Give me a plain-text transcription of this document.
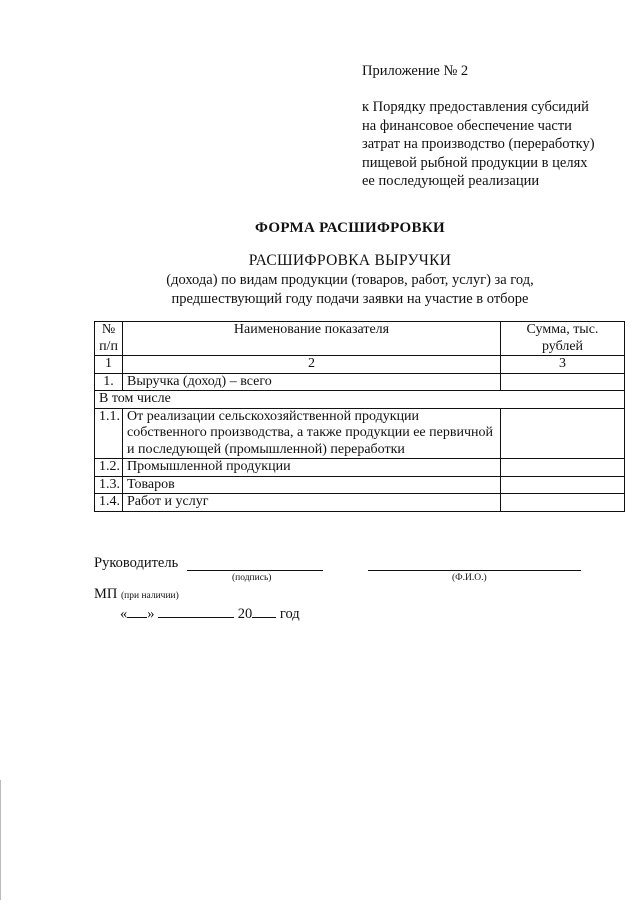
Приложение № 2
к Порядку предоставления субсидий
на финансовое обеспечение части
затрат на производство (переработку)
пищевой рыбной продукции в целях
ее последующей реализации
ФОРМА РАСШИФРОВКИ
РАСШИФРОВКА ВЫРУЧКИ
(дохода) по видам продукции (товаров, работ, услуг) за год,
предшествующий году подачи заявки на участие в отборе
№ п/п	Наименование показателя	Сумма, тыс. рублей
1	2	3
1.	Выручка (доход) – всего	
В том числе		
1.1.	От реализации сельскохозяйственной продукции собственного производства, а также продукции ее первичной и последующей (промышленной) переработки	
1.2.	Промышленной продукции	
1.3.	Товаров	
1.4.	Работ и услуг	
Руководитель
(подпись)	(Ф.И.О.)
МП (при наличии)
« »	20 год
